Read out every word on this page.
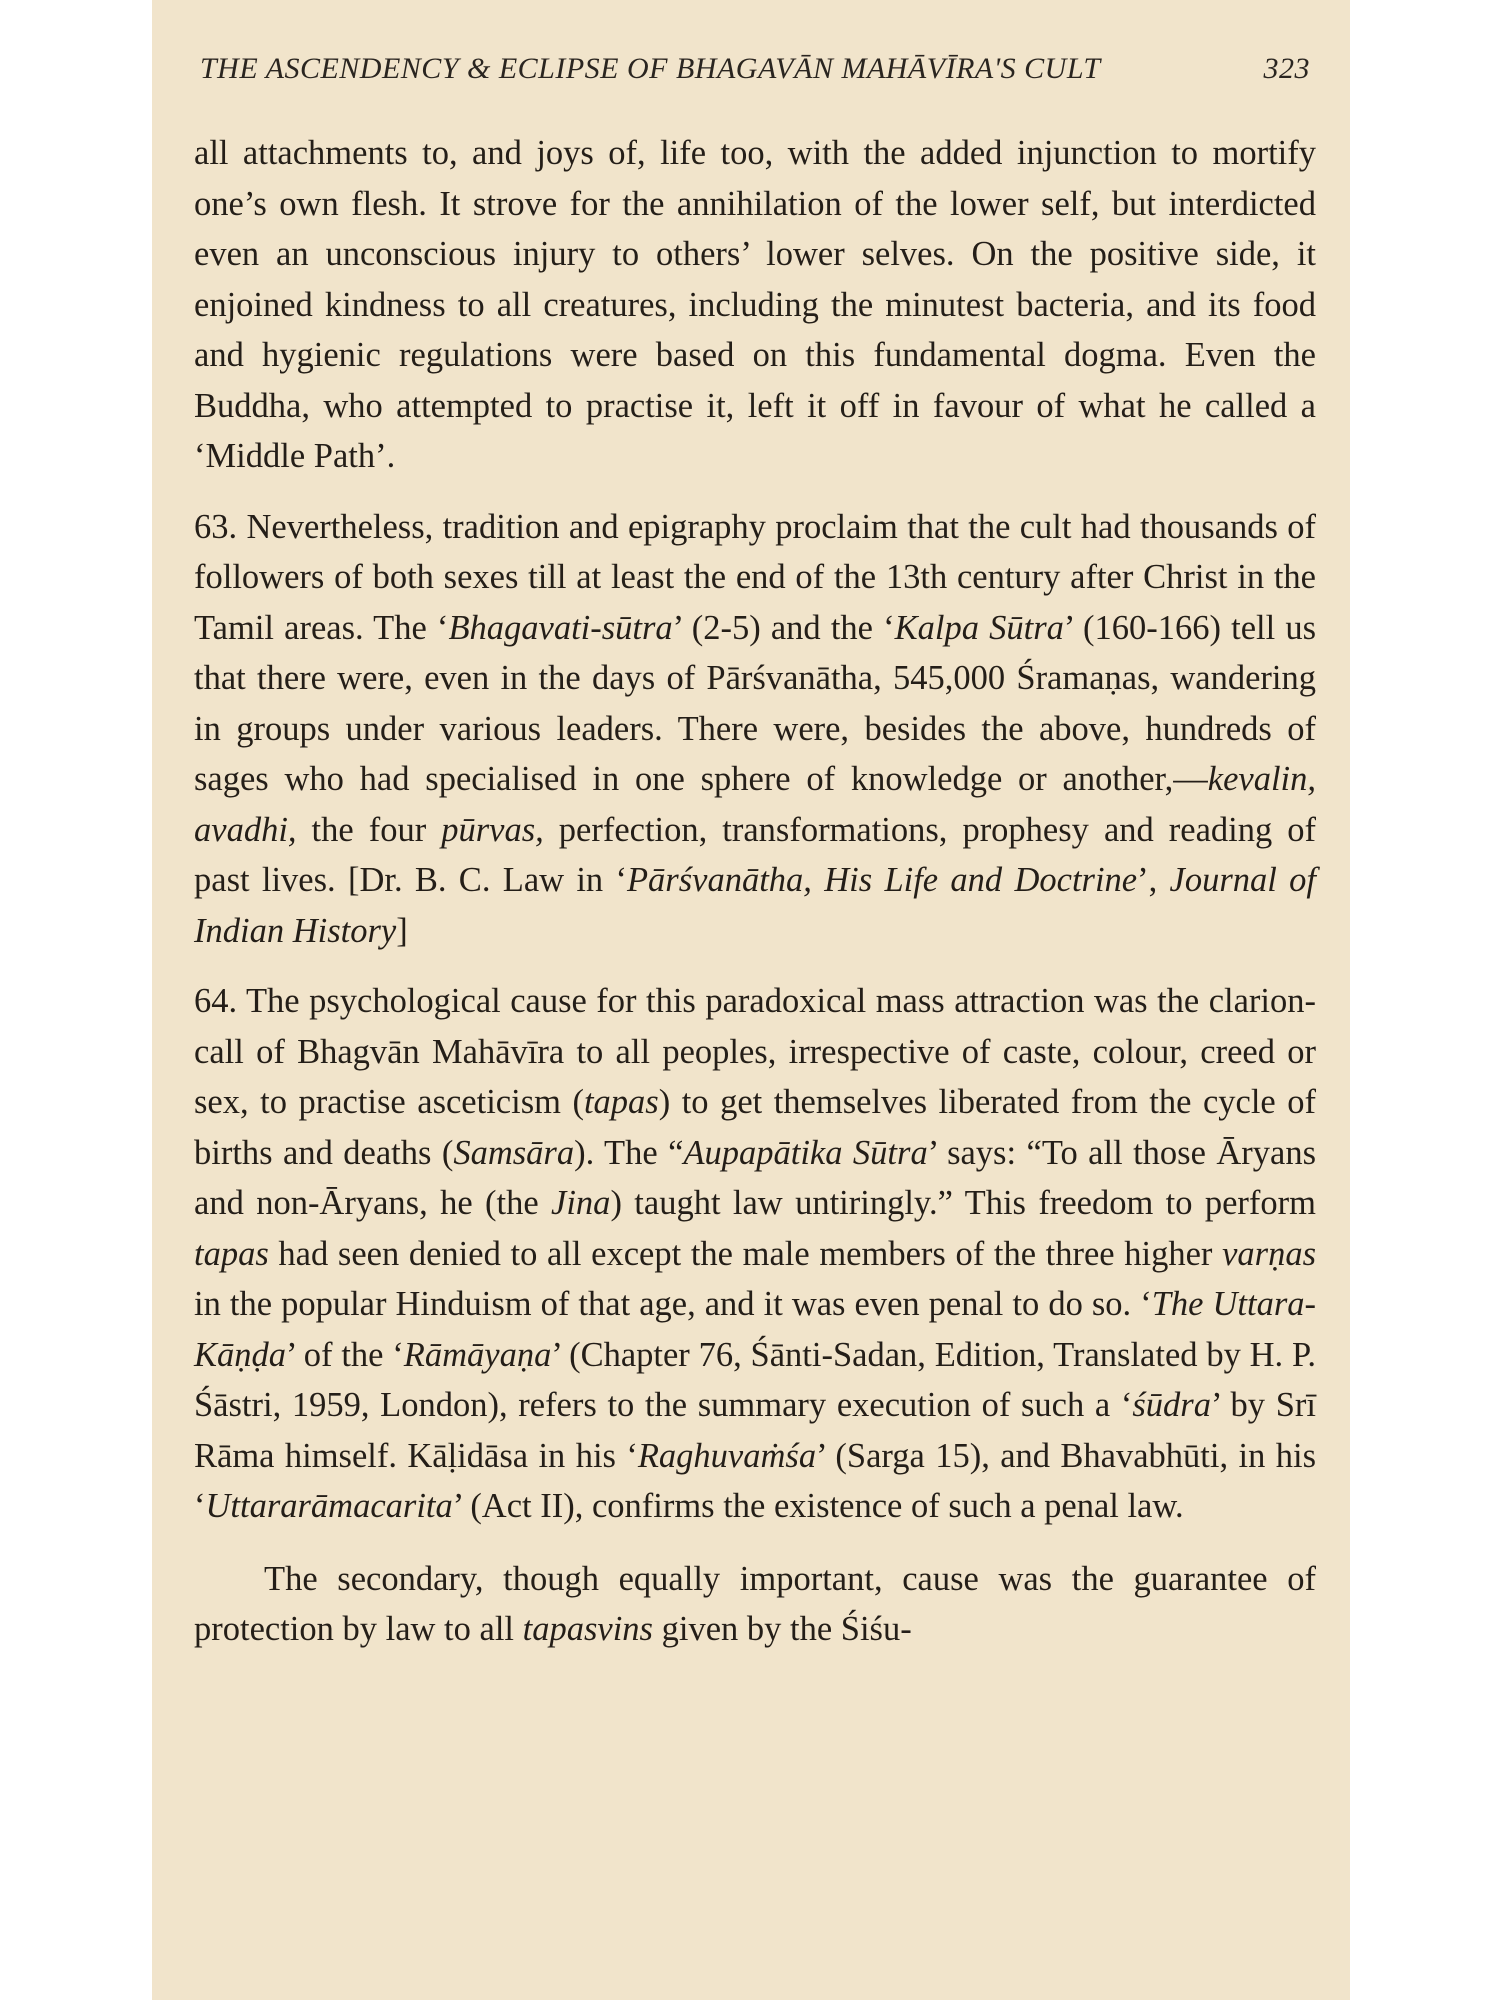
THE ASCENDENCY & ECLIPSE OF BHAGAVĀN MAHĀVĪRA'S CULT	323

all attachments to, and joys of, life too, with the added injunction to mortify one’s own flesh. It strove for the annihilation of the lower self, but interdicted even an unconscious injury to others’ lower selves. On the positive side, it enjoined kindness to all creatures, including the minutest bacteria, and its food and hygienic regulations were based on this fundamental dogma. Even the Buddha, who attempted to practise it, left it off in favour of what he called a ‘Middle Path’.

63. Nevertheless, tradition and epigraphy proclaim that the cult had thousands of followers of both sexes till at least the end of the 13th century after Christ in the Tamil areas. The ‘Bhagavati-sūtra’ (2-5) and the ‘Kalpa Sūtra’ (160-166) tell us that there were, even in the days of Pārśvanātha, 545,000 Śramaṇas, wandering in groups under various leaders. There were, besides the above, hundreds of sages who had specialised in one sphere of knowledge or another,—kevalin, avadhi, the four pūrvas, perfection, transformations, prophesy and reading of past lives. [Dr. B. C. Law in ‘Pārśvanātha, His Life and Doctrine’, Journal of Indian History]

64. The psychological cause for this paradoxical mass attraction was the clarion-call of Bhagvān Mahāvīra to all peoples, irrespective of caste, colour, creed or sex, to practise asceticism (tapas) to get themselves liberated from the cycle of births and deaths (Samsāra). The “Aupapātika Sūtra’ says: “To all those Āryans and non-Āryans, he (the Jina) taught law untiringly.” This freedom to perform tapas had seen denied to all except the male members of the three higher varṇas in the popular Hinduism of that age, and it was even penal to do so. ‘The Uttara-Kāṇḍa’ of the ‘Rāmāyaṇa’ (Chapter 76, Śānti-Sadan, Edition, Translated by H. P. Śāstri, 1959, London), refers to the summary execution of such a ‘śūdra’ by Srī Rāma himself. Kāḷidāsa in his ‘Raghuvaṁśa’ (Sarga 15), and Bhavabhūti, in his ‘Uttararāmacarita’ (Act II), confirms the existence of such a penal law.

The secondary, though equally important, cause was the guarantee of protection by law to all tapasvins given by the Śiśu-
